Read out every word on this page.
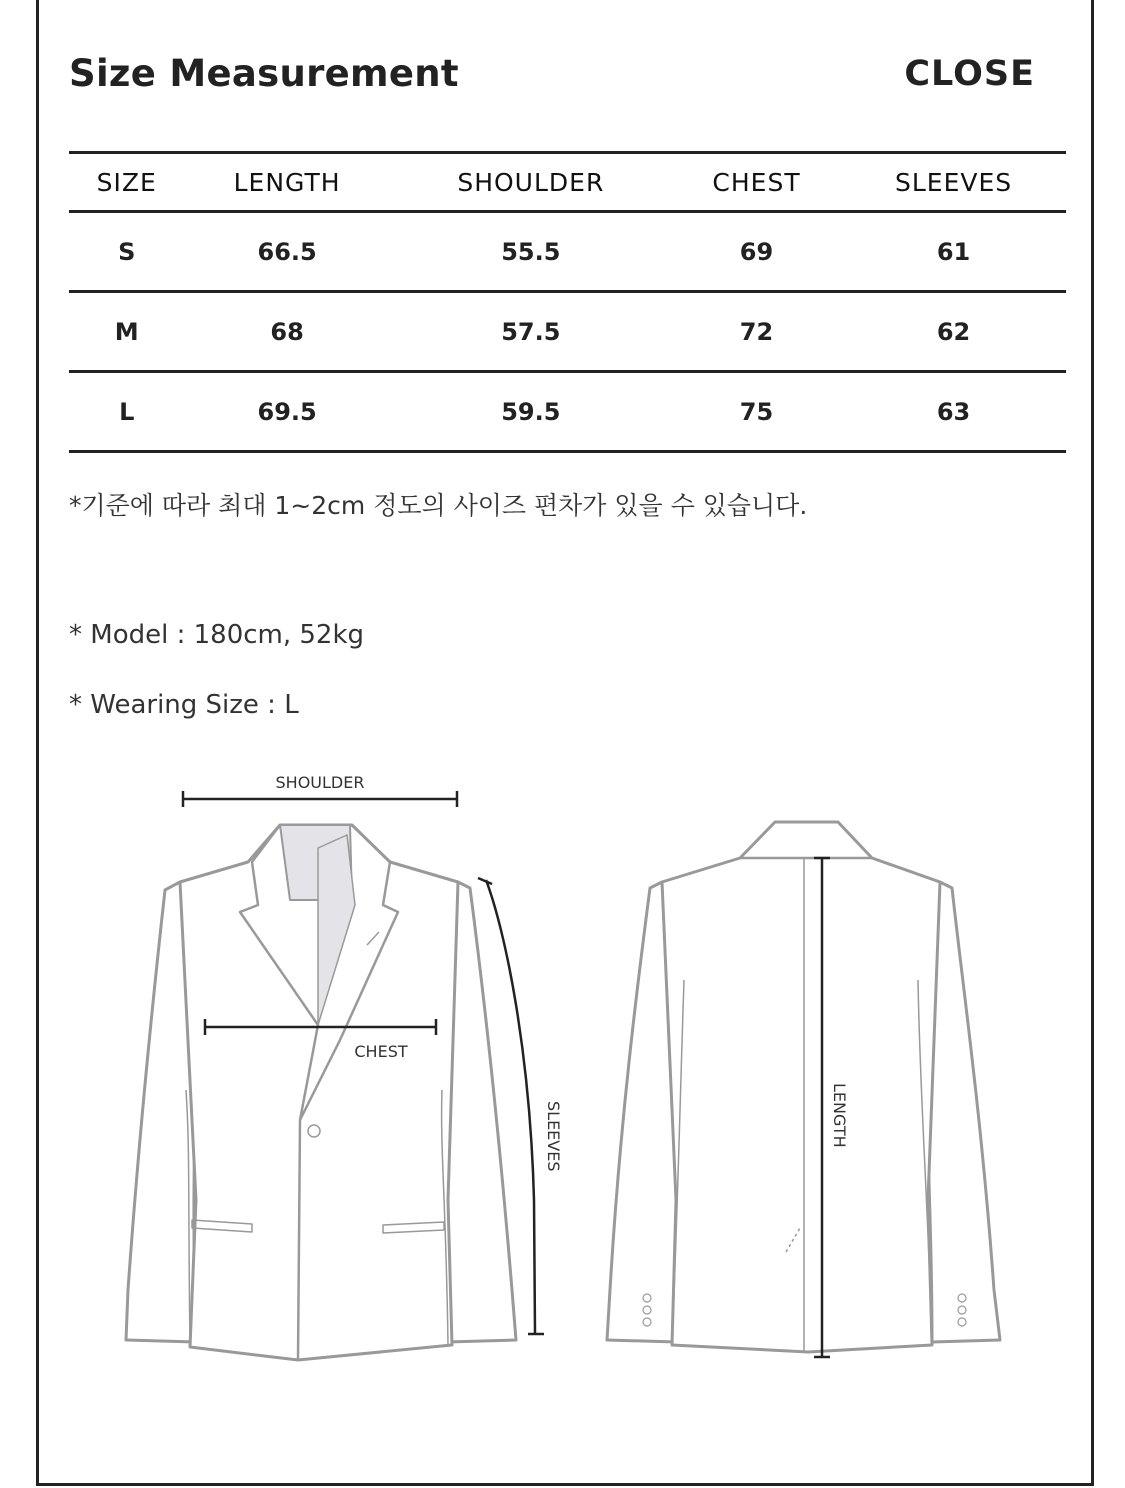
Size Measurement	CLOSE
SIZE	LENGTH	SHOULDER	CHEST	SLEEVES
S	66.5	55.5	69	61
M	68	57.5	72	62
L	69.5	59.5	75	63
*기준에 따라 최대 1~2cm 정도의 사이즈 편차가 있을 수 있습니다.
* Model : 180cm, 52kg
* Wearing Size : L
SHOULDER
CHEST
SLEEVES	LENGTH
